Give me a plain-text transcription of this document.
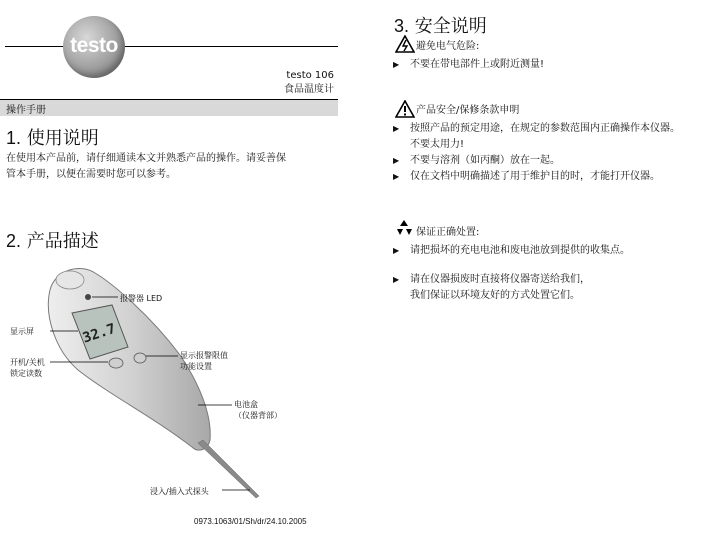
testo
testo 106
食品温度计
操作手册
1. 使用说明
在使用本产品前，请仔细通读本文并熟悉产品的操作。请妥善保
管本手册，以便在需要时您可以参考。
2. 产品描述
32.7
报警器 LED
显示屏
开机/关机
锁定读数
显示报警限值
功能设置
电池盒
（仪器背部）
浸入/插入式探头
0973.1063/01/Sh/dr/24.10.2005
3. 安全说明
避免电气危险:
▶ 不要在带电部件上或附近测量!
产品安全/保修条款申明
▶ 按照产品的预定用途，在规定的参数范围内正确操作本仪器。
不要太用力!
▶ 不要与溶剂（如丙酮）放在一起。
▶ 仅在文档中明确描述了用于维护目的时，才能打开仪器。
保证正确处置:
▶ 请把损坏的充电电池和废电池放到提供的收集点。
▶ 请在仪器损废时直接将仪器寄送给我们，
我们保证以环境友好的方式处置它们。
